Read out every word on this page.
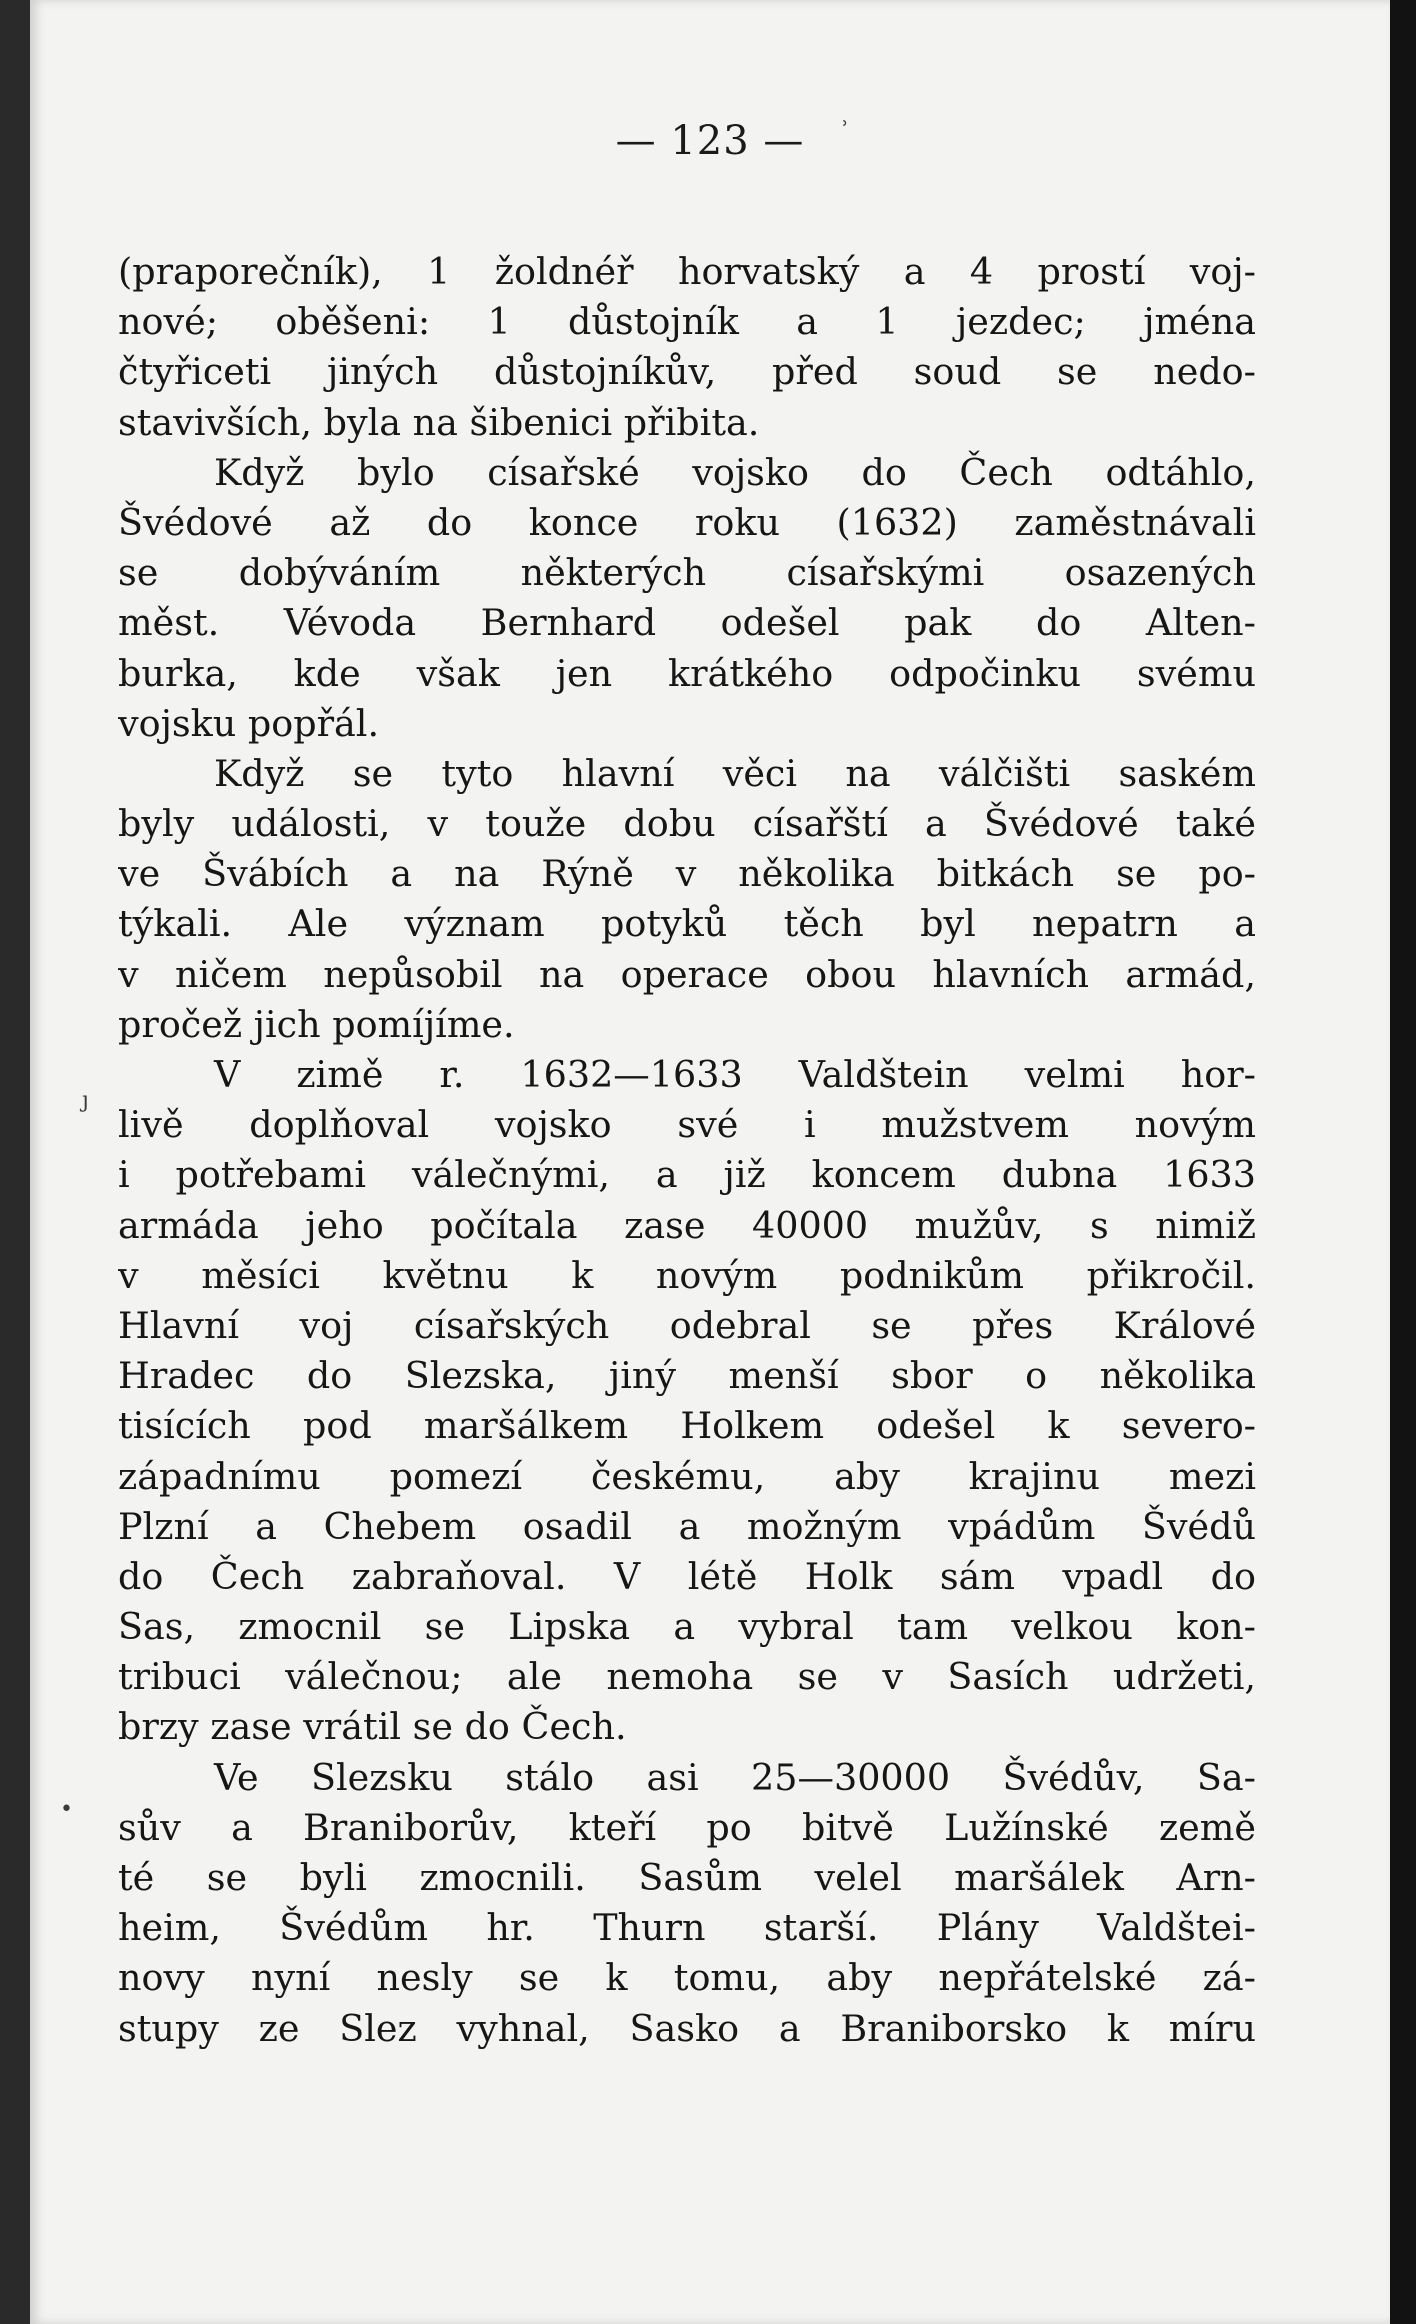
— 123 —	ʾ
ȷ
•
(praporečník), 1 žoldnéř horvatský a 4 prostí voj-
nové; oběšeni: 1 důstojník a 1 jezdec; jména
čtyřiceti jiných důstojníkův, před soud se nedo-
stavivších, byla na šibenici přibita.
Když bylo císařské vojsko do Čech odtáhlo,
Švédové až do konce roku (1632) zaměstnávali
se dobýváním některých císařskými osazených
měst. Vévoda Bernhard odešel pak do Alten-
burka, kde však jen krátkého odpočinku svému
vojsku popřál.
Když se tyto hlavní věci na válčišti saském
byly události, v touže dobu císařští a Švédové také
ve Švábích a na Rýně v několika bitkách se po-
týkali. Ale význam potyků těch byl nepatrn a
v ničem nepůsobil na operace obou hlavních armád,
pročež jich pomíjíme.
V zimě r. 1632—1633 Valdštein velmi hor-
livě doplňoval vojsko své i mužstvem novým
i potřebami válečnými, a již koncem dubna 1633
armáda jeho počítala zase 40000 mužův, s nimiž
v měsíci květnu k novým podnikům přikročil.
Hlavní voj císařských odebral se přes Králové
Hradec do Slezska, jiný menší sbor o několika
tisících pod maršálkem Holkem odešel k severo-
západnímu pomezí českému, aby krajinu mezi
Plzní a Chebem osadil a možným vpádům Švédů
do Čech zabraňoval. V létě Holk sám vpadl do
Sas, zmocnil se Lipska a vybral tam velkou kon-
tribuci válečnou; ale nemoha se v Sasích udržeti,
brzy zase vrátil se do Čech.
Ve Slezsku stálo asi 25—30000 Švédův, Sa-
sův a Braniborův, kteří po bitvě Lužínské země
té se byli zmocnili. Sasům velel maršálek Arn-
heim, Švédům hr. Thurn starší. Plány Valdštei-
novy nyní nesly se k tomu, aby nepřátelské zá-
stupy ze Slez vyhnal, Sasko a Braniborsko k míru
